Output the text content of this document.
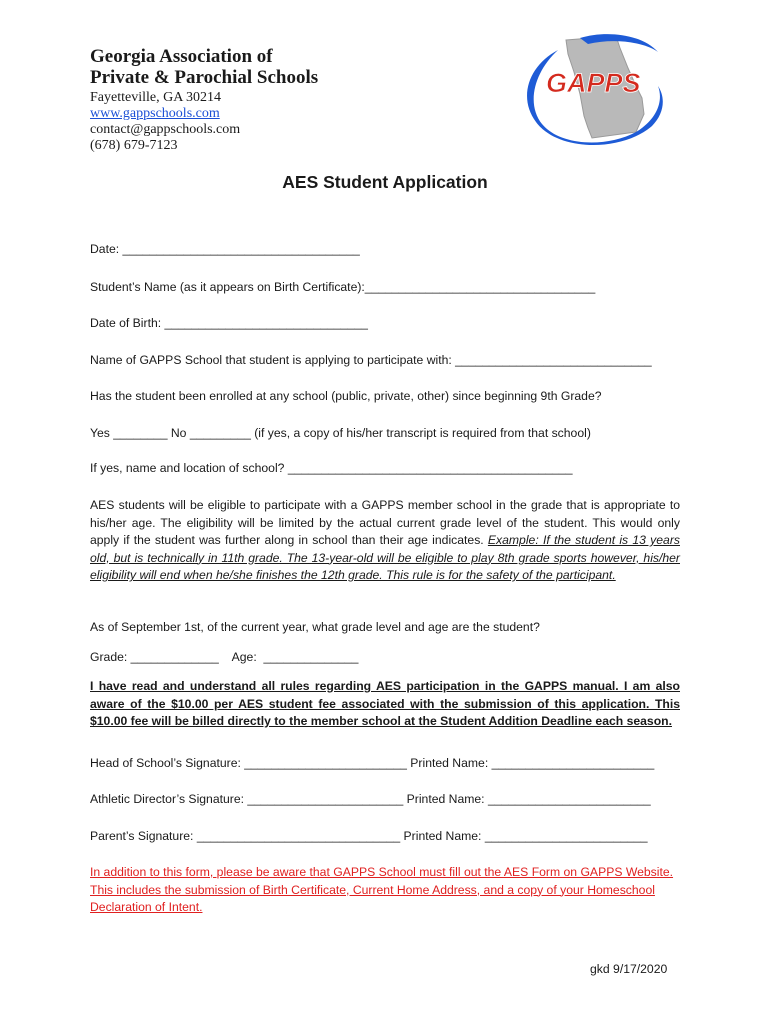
Georgia Association of
Private & Parochial Schools
Fayetteville, GA 30214
www.gappschools.com
contact@gappschools.com
(678) 679-7123
GAPPS
AES Student Application
Date: ___________________________________
Student’s Name (as it appears on Birth Certificate):__________________________________
Date of Birth: ______________________________
Name of GAPPS School that student is applying to participate with: _____________________________
Has the student been enrolled at any school (public, private, other) since beginning 9th Grade?
Yes ________ No _________ (if yes, a copy of his/her transcript is required from that school)
If yes, name and location of school? __________________________________________
AES students will be eligible to participate with a GAPPS member school in the grade that is appropriate to his/her age. The eligibility will be limited by the actual current grade level of the student. This would only apply if the student was further along in school than their age indicates. Example: If the student is 13 years old, but is technically in 11th grade. The 13-year-old will be eligible to play 8th grade sports however, his/her eligibility will end when he/she finishes the 12th grade. This rule is for the safety of the participant.
As of September 1st, of the current year, what grade level and age are the student?
Grade: _____________    Age:  ______________
I have read and understand all rules regarding AES participation in the GAPPS manual. I am also aware of the $10.00 per AES student fee associated with the submission of this application. This $10.00 fee will be billed directly to the member school at the Student Addition Deadline each season.
Head of School’s Signature: ________________________ Printed Name: ________________________
Athletic Director’s Signature: _______________________ Printed Name: ________________________
Parent’s Signature: ______________________________ Printed Name: ________________________
In addition to this form, please be aware that GAPPS School must fill out the AES Form on GAPPS Website. This includes the submission of Birth Certificate, Current Home Address, and a copy of your Homeschool Declaration of Intent.
gkd 9/17/2020
